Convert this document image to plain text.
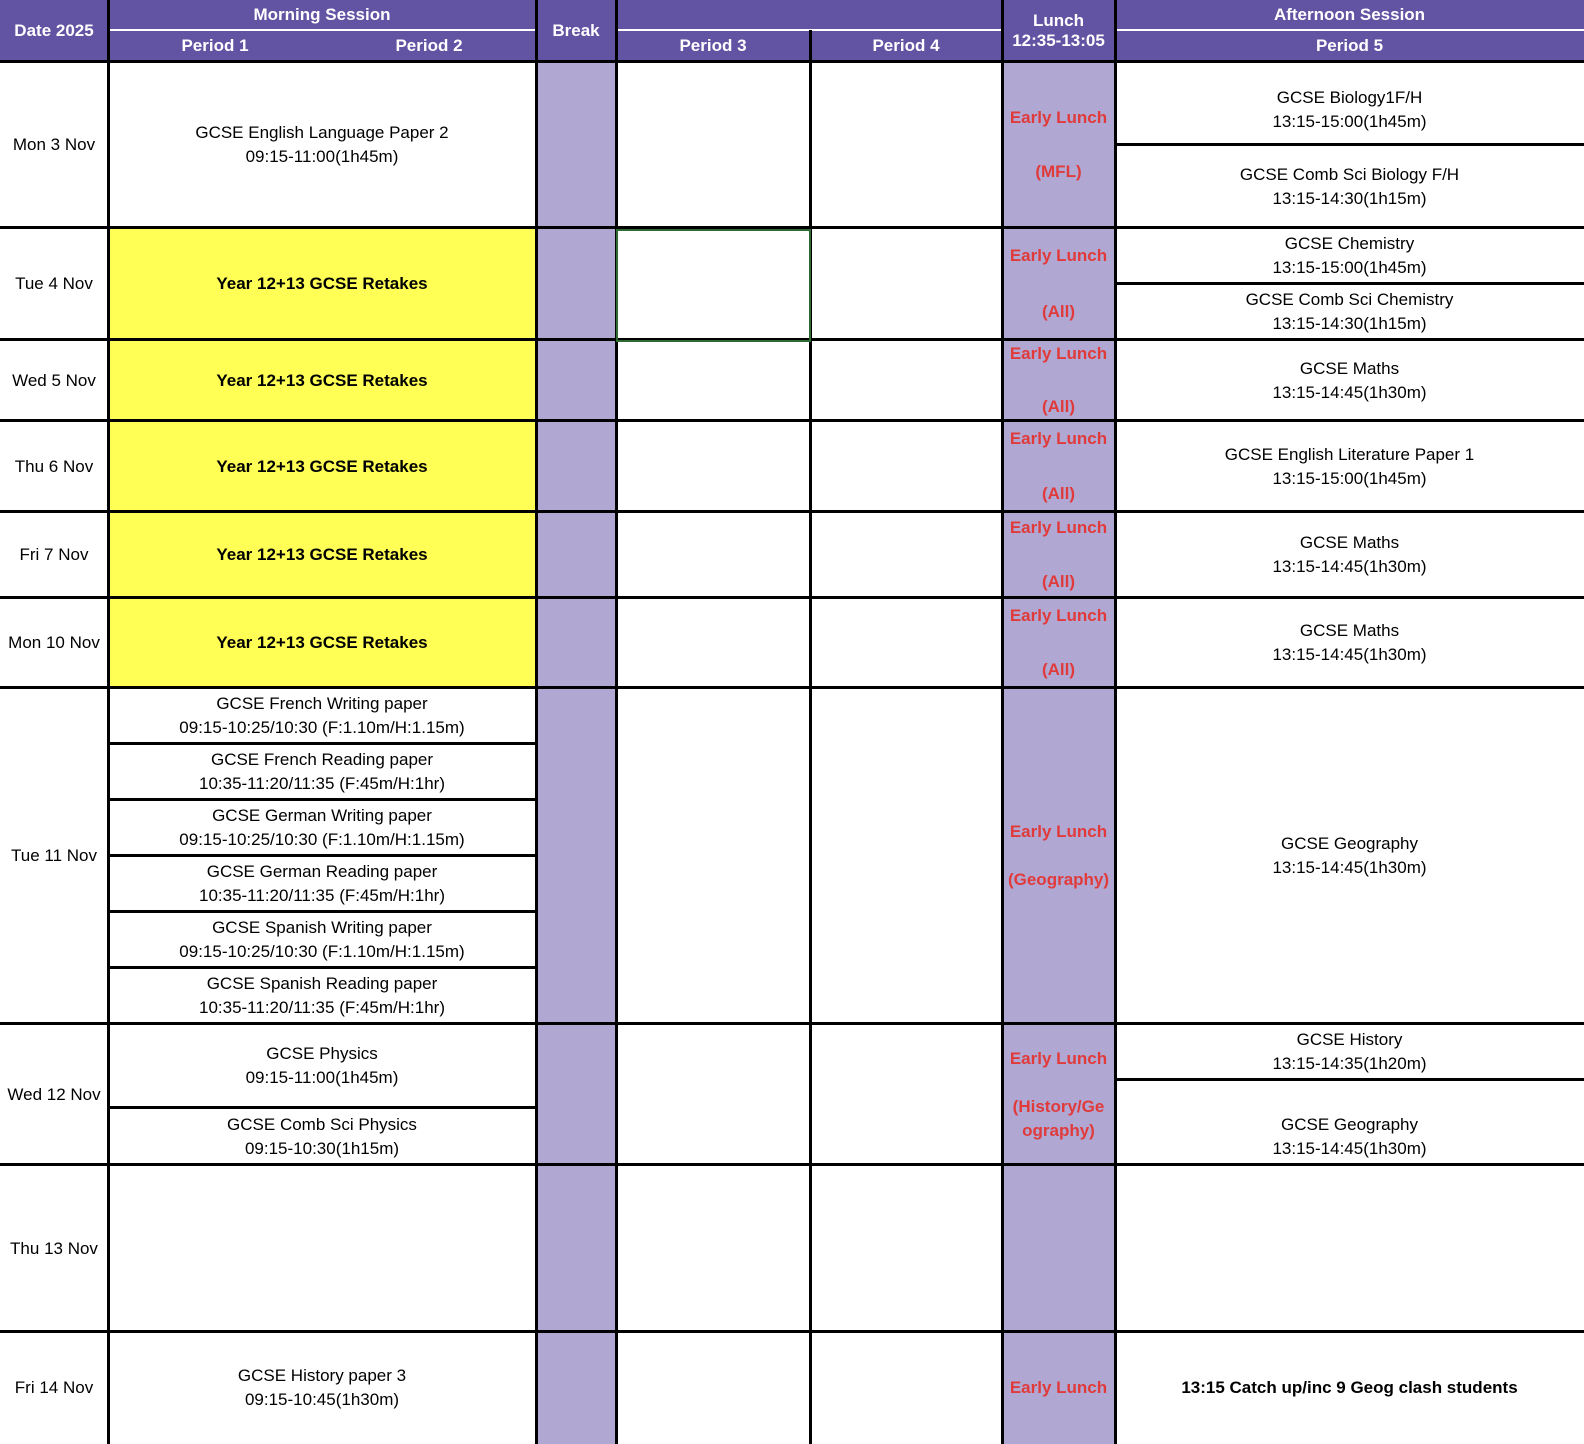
Date 2025
Morning Session
Period 1	Period 2
Break
Period 3	Period 4
Lunch
12:35-13:05
Afternoon Session
Period 5
Mon 3 Nov
Tue 4 Nov
Wed 5 Nov
Thu 6 Nov
Fri 7 Nov
Mon 10 Nov
Tue 11 Nov
Wed 12 Nov
Thu 13 Nov
Fri 14 Nov
GCSE English Language Paper 2
09:15-11:00(1h45m)
Year 12+13 GCSE Retakes
Year 12+13 GCSE Retakes
Year 12+13 GCSE Retakes
Year 12+13 GCSE Retakes
Year 12+13 GCSE Retakes
GCSE French Writing paper
09:15-10:25/10:30 (F:1.10m/H:1.15m)
GCSE French Reading paper
10:35-11:20/11:35 (F:45m/H:1hr)
GCSE German Writing paper
09:15-10:25/10:30 (F:1.10m/H:1.15m)
GCSE German Reading paper
10:35-11:20/11:35 (F:45m/H:1hr)
GCSE Spanish Writing paper
09:15-10:25/10:30 (F:1.10m/H:1.15m)
GCSE Spanish Reading paper
10:35-11:20/11:35 (F:45m/H:1hr)
GCSE Physics
09:15-11:00(1h45m)
GCSE Comb Sci Physics
09:15-10:30(1h15m)
GCSE History paper 3
09:15-10:45(1h30m)
Early Lunch
(MFL)
Early Lunch
(All)
Early Lunch
(All)
Early Lunch
(All)
Early Lunch
(All)
Early Lunch
(All)
Early Lunch
(Geography)
Early Lunch
(History/Ge
ography)
Early Lunch
GCSE Biology1F/H
13:15-15:00(1h45m)
GCSE Comb Sci Biology F/H
13:15-14:30(1h15m)
GCSE Chemistry
13:15-15:00(1h45m)
GCSE Comb Sci Chemistry
13:15-14:30(1h15m)
GCSE Maths
13:15-14:45(1h30m)
GCSE English Literature Paper 1
13:15-15:00(1h45m)
GCSE Maths
13:15-14:45(1h30m)
GCSE Maths
13:15-14:45(1h30m)
GCSE Geography
13:15-14:45(1h30m)
GCSE History
13:15-14:35(1h20m)
GCSE Geography
13:15-14:45(1h30m)
13:15 Catch up/inc 9 Geog clash students
